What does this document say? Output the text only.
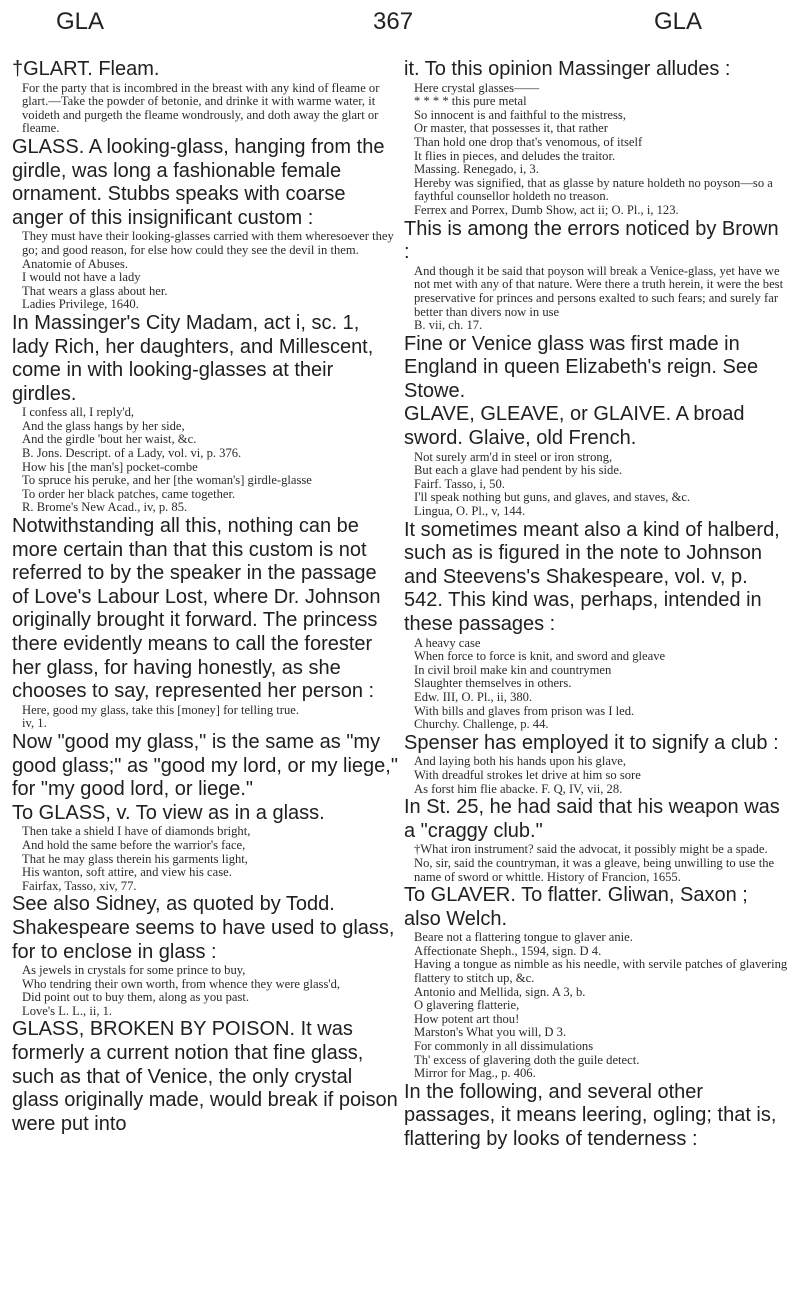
GLA	367	GLA

†GLART. Fleam.

For the party that is incombred in the breast with any kind of fleame or glart.—Take the powder of betonie, and drinke it with warme water, it voideth and purgeth the fleame wondrously, and doth away the glart or fleame.

GLASS. A looking-glass, hanging from the girdle, was long a fashionable female ornament. Stubbs speaks with coarse anger of this insignificant custom :

They must have their looking-glasses carried with them wheresoever they go; and good reason, for else how could they see the devil in them.

Anatomie of Abuses.

I would not have a lady

That wears a glass about her.

Ladies Privilege, 1640.

In Massinger's City Madam, act i, sc. 1, lady Rich, her daughters, and Millescent, come in with looking-glasses at their girdles.

I confess all, I reply'd,

And the glass hangs by her side,

And the girdle 'bout her waist, &c.

B. Jons. Descript. of a Lady, vol. vi, p. 376.

How his [the man's] pocket-combe

To spruce his peruke, and her [the woman's] girdle-glasse

To order her black patches, came together.

R. Brome's New Acad., iv, p. 85.

Notwithstanding all this, nothing can be more certain than that this custom is not referred to by the speaker in the passage of Love's Labour Lost, where Dr. Johnson originally brought it forward. The princess there evidently means to call the forester her glass, for having honestly, as she chooses to say, represented her person :

Here, good my glass, take this [money] for telling true.

iv, 1.

Now "good my glass," is the same as "my good glass;" as "good my lord, or my liege," for "my good lord, or liege."

To GLASS, v. To view as in a glass.

Then take a shield I have of diamonds bright,

And hold the same before the warrior's face,

That he may glass therein his garments light,

His wanton, soft attire, and view his case.

Fairfax, Tasso, xiv, 77.

See also Sidney, as quoted by Todd. Shakespeare seems to have used to glass, for to enclose in glass :

As jewels in crystals for some prince to buy,

Who tendring their own worth, from whence they were glass'd,

Did point out to buy them, along as you past.

Love's L. L., ii, 1.

GLASS, BROKEN BY POISON. It was formerly a current notion that fine glass, such as that of Venice, the only crystal glass originally made, would break if poison were put into

it. To this opinion Massinger alludes :

Here crystal glasses——

* * * * this pure metal

So innocent is and faithful to the mistress,

Or master, that possesses it, that rather

Than hold one drop that's venomous, of itself

It flies in pieces, and deludes the traitor.

Massing. Renegado, i, 3.

Hereby was signified, that as glasse by nature holdeth no poyson—so a faythful counsellor holdeth no treason.

Ferrex and Porrex, Dumb Show, act ii; O. Pl., i, 123.

This is among the errors noticed by Brown :

And though it be said that poyson will break a Venice-glass, yet have we not met with any of that nature. Were there a truth herein, it were the best preservative for princes and persons exalted to such fears; and surely far better than divers now in use

B. vii, ch. 17.

Fine or Venice glass was first made in England in queen Elizabeth's reign. See Stowe.

GLAVE, GLEAVE, or GLAIVE. A broad sword. Glaive, old French.

Not surely arm'd in steel or iron strong,

But each a glave had pendent by his side.

Fairf. Tasso, i, 50.

I'll speak nothing but guns, and glaves, and staves, &c.

Lingua, O. Pl., v, 144.

It sometimes meant also a kind of halberd, such as is figured in the note to Johnson and Steevens's Shakespeare, vol. v, p. 542. This kind was, perhaps, intended in these passages :

A heavy case

When force to force is knit, and sword and gleave

In civil broil make kin and countrymen

Slaughter themselves in others.

Edw. III, O. Pl., ii, 380.

With bills and glaves from prison was I led.

Churchy. Challenge, p. 44.

Spenser has employed it to signify a club :

And laying both his hands upon his glave,

With dreadful strokes let drive at him so sore

As forst him flie abacke. F. Q, IV, vii, 28.

In St. 25, he had said that his weapon was a "craggy club."

†What iron instrument? said the advocat, it possibly might be a spade. No, sir, said the countryman, it was a gleave, being unwilling to use the name of sword or whittle. History of Francion, 1655.

To GLAVER. To flatter. Gliwan, Saxon ; also Welch.

Beare not a flattering tongue to glaver anie.

Affectionate Sheph., 1594, sign. D 4.

Having a tongue as nimble as his needle, with servile patches of glavering flattery to stitch up, &c.

Antonio and Mellida, sign. A 3, b.

O glavering flatterie,

How potent art thou!

Marston's What you will, D 3.

For commonly in all dissimulations

Th' excess of glavering doth the guile detect.

Mirror for Mag., p. 406.

In the following, and several other passages, it means leering, ogling; that is, flattering by looks of tenderness :
